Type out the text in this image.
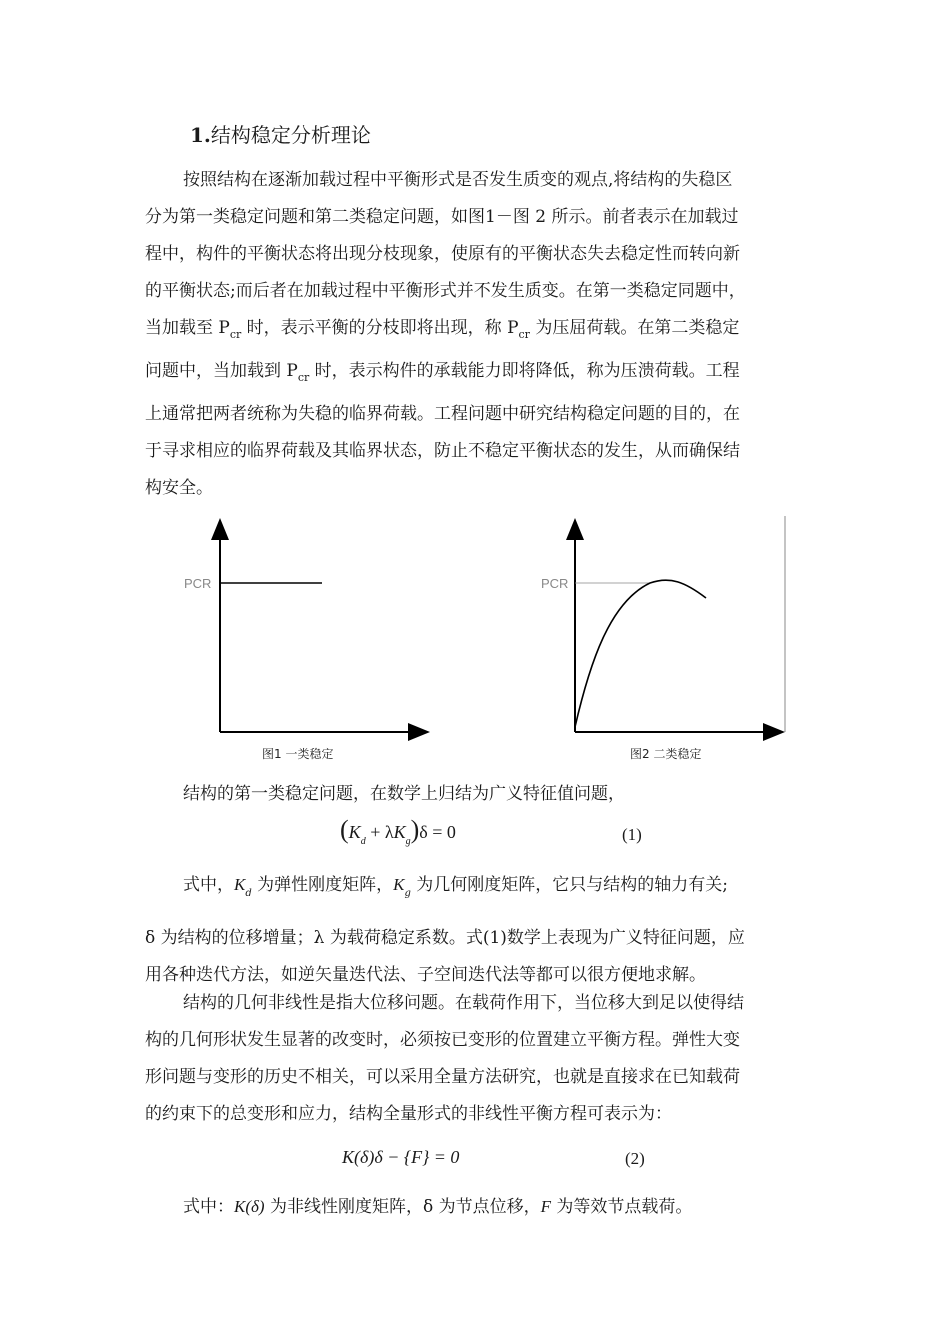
1.结构稳定分析理论
按照结构在逐渐加载过程中平衡形式是否发生质变的观点,将结构的失稳区
分为第一类稳定问题和第二类稳定问题，如图1－图 2 所示。前者表示在加载过
程中，构件的平衡状态将出现分枝现象，使原有的平衡状态失去稳定性而转向新
的平衡状态;而后者在加载过程中平衡形式并不发生质变。在第一类稳定同题中，
当加载至 $P_{cr}$ 时，表示平衡的分枝即将出现，称 $P_{cr}$ 为压屈荷载。在第二类稳定
问题中，当加载到 $P_{cr}$ 时，表示构件的承载能力即将降低，称为压溃荷载。工程
上通常把两者统称为失稳的临界荷载。工程问题中研究结构稳定问题的目的，在
于寻求相应的临界荷载及其临界状态，防止不稳定平衡状态的发生，从而确保结
构安全。
PCR
图1 一类稳定
PCR
图2 二类稳定
结构的第一类稳定问题，在数学上归结为广义特征值问题，
$(K_d + \lambda K_g)\delta = 0$	(1)
式中，$K_d$ 为弹性刚度矩阵，$K_g$ 为几何刚度矩阵，它只与结构的轴力有关;
δ 为结构的位移增量；λ 为载荷稳定系数。式(1)数学上表现为广义特征问题，应
用各种迭代方法，如逆矢量迭代法、子空间迭代法等都可以很方便地求解。
结构的几何非线性是指大位移问题。在载荷作用下，当位移大到足以使得结
构的几何形状发生显著的改变时，必须按已变形的位置建立平衡方程。弹性大变
形问题与变形的历史不相关，可以采用全量方法研究，也就是直接求在已知载荷
的约束下的总变形和应力，结构全量形式的非线性平衡方程可表示为：
K(δ)δ − {F} = 0	(2)
式中：K(δ) 为非线性刚度矩阵，δ 为节点位移，F 为等效节点载荷。
